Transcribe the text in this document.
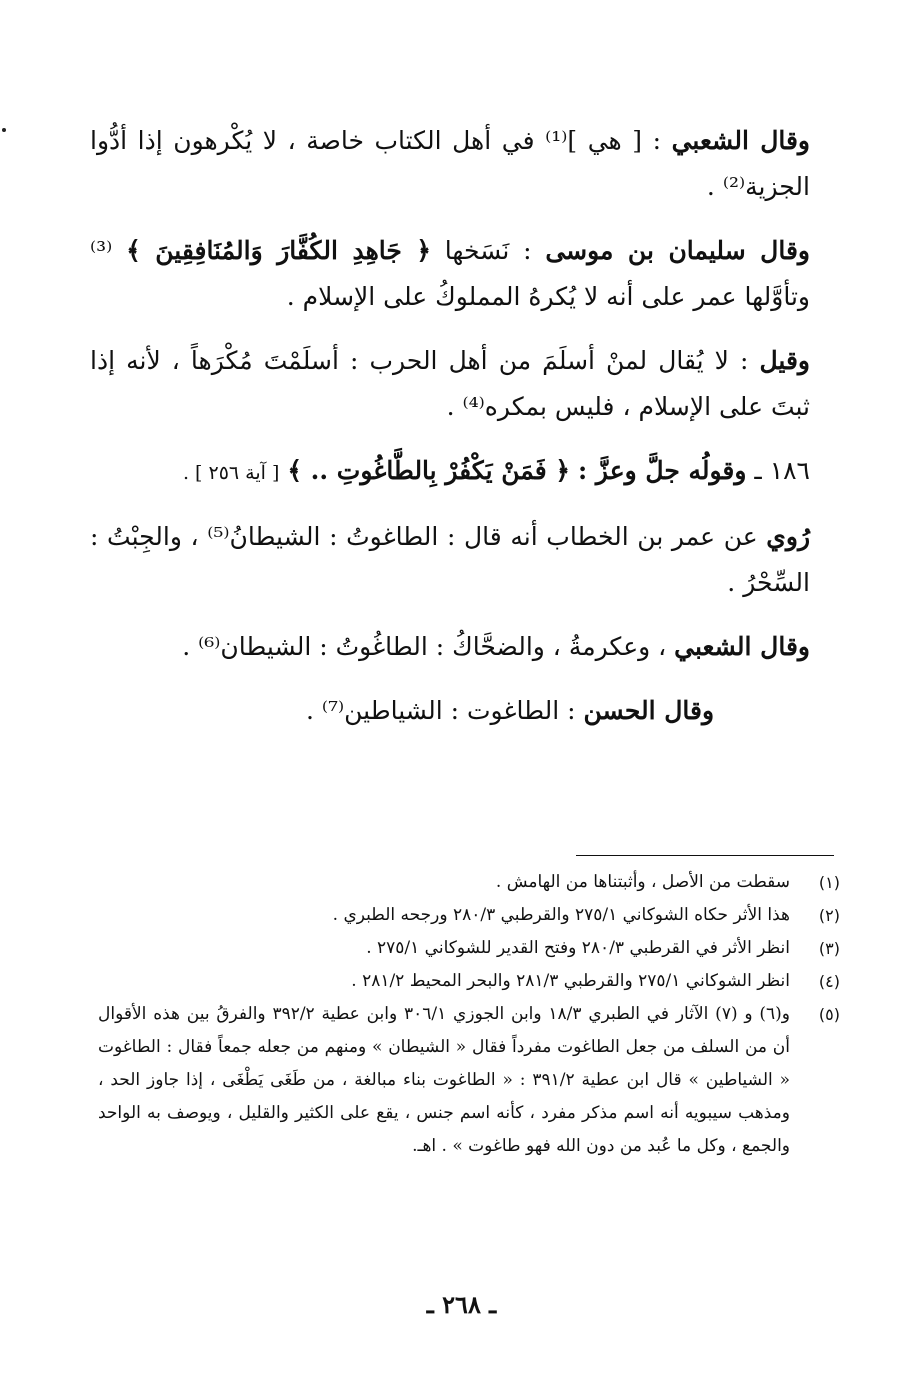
وقال الشعبي : [ هي ]⁽¹⁾ في أهل الكتاب خاصة ، لا يُكْرهون إذا أدُّوا الجزية⁽²⁾ .

وقال سليمان بن موسى : نَسَخها ﴿ جَاهِدِ الكُفَّارَ وَالمُنَافِقِينَ ﴾ ⁽³⁾ وتأوَّلها عمر على أنه لا يُكرهُ المملوكُ على الإسلام .

وقيل : لا يُقال لمنْ أسلَمَ من أهل الحرب : أسلَمْتَ مُكْرَهاً ، لأنه إذا ثبتَ على الإسلام ، فليس بمكره⁽⁴⁾ .

١٨٦ ـ وقولُه جلَّ وعزَّ : ﴿ فَمَنْ يَكْفُرْ بِالطَّاغُوتِ .. ﴾ [ آية ٢٥٦ ] .

رُوي عن عمر بن الخطاب أنه قال : الطاغوتُ : الشيطانُ⁽⁵⁾ ، والجِبْتُ : السِّحْرُ .

وقال الشعبي ، وعكرمةُ ، والضحَّاكُ : الطاغُوتُ : الشيطان⁽⁶⁾ .

وقال الحسن : الطاغوت : الشياطين⁽⁷⁾ .

(١)
سقطت من الأصل ، وأثبتناها من الهامش .
(٢)
هذا الأثر حكاه الشوكاني ٢٧٥/١ والقرطبي ٢٨٠/٣ ورجحه الطبري .
(٣)
انظر الأثر في القرطبي ٢٨٠/٣ وفتح القدير للشوكاني ٢٧٥/١ .
(٤)
انظر الشوكاني ٢٧٥/١ والقرطبي ٢٨١/٣ والبحر المحيط ٢٨١/٢ .
(٥)
و(٦) و (٧) الآثار في الطبري ١٨/٣ وابن الجوزي ٣٠٦/١ وابن عطية ٣٩٢/٢ والفرقُ بين هذه الأقوال أن من السلف من جعل الطاغوت مفرداً فقال « الشيطان » ومنهم من جعله جمعاً فقال : الطاغوت « الشياطين » قال ابن عطية ٣٩١/٢ : « الطاغوت بناء مبالغة ، من طَغَى يَطْغَى ، إذا جاوز الحد ، ومذهب سيبويه أنه اسم مذكر مفرد ، كأنه اسم جنس ، يقع على الكثير والقليل ، ويوصف به الواحد والجمع ، وكل ما عُبد من دون الله فهو طاغوت » . اهـ.
ـ ٢٦٨ ـ
